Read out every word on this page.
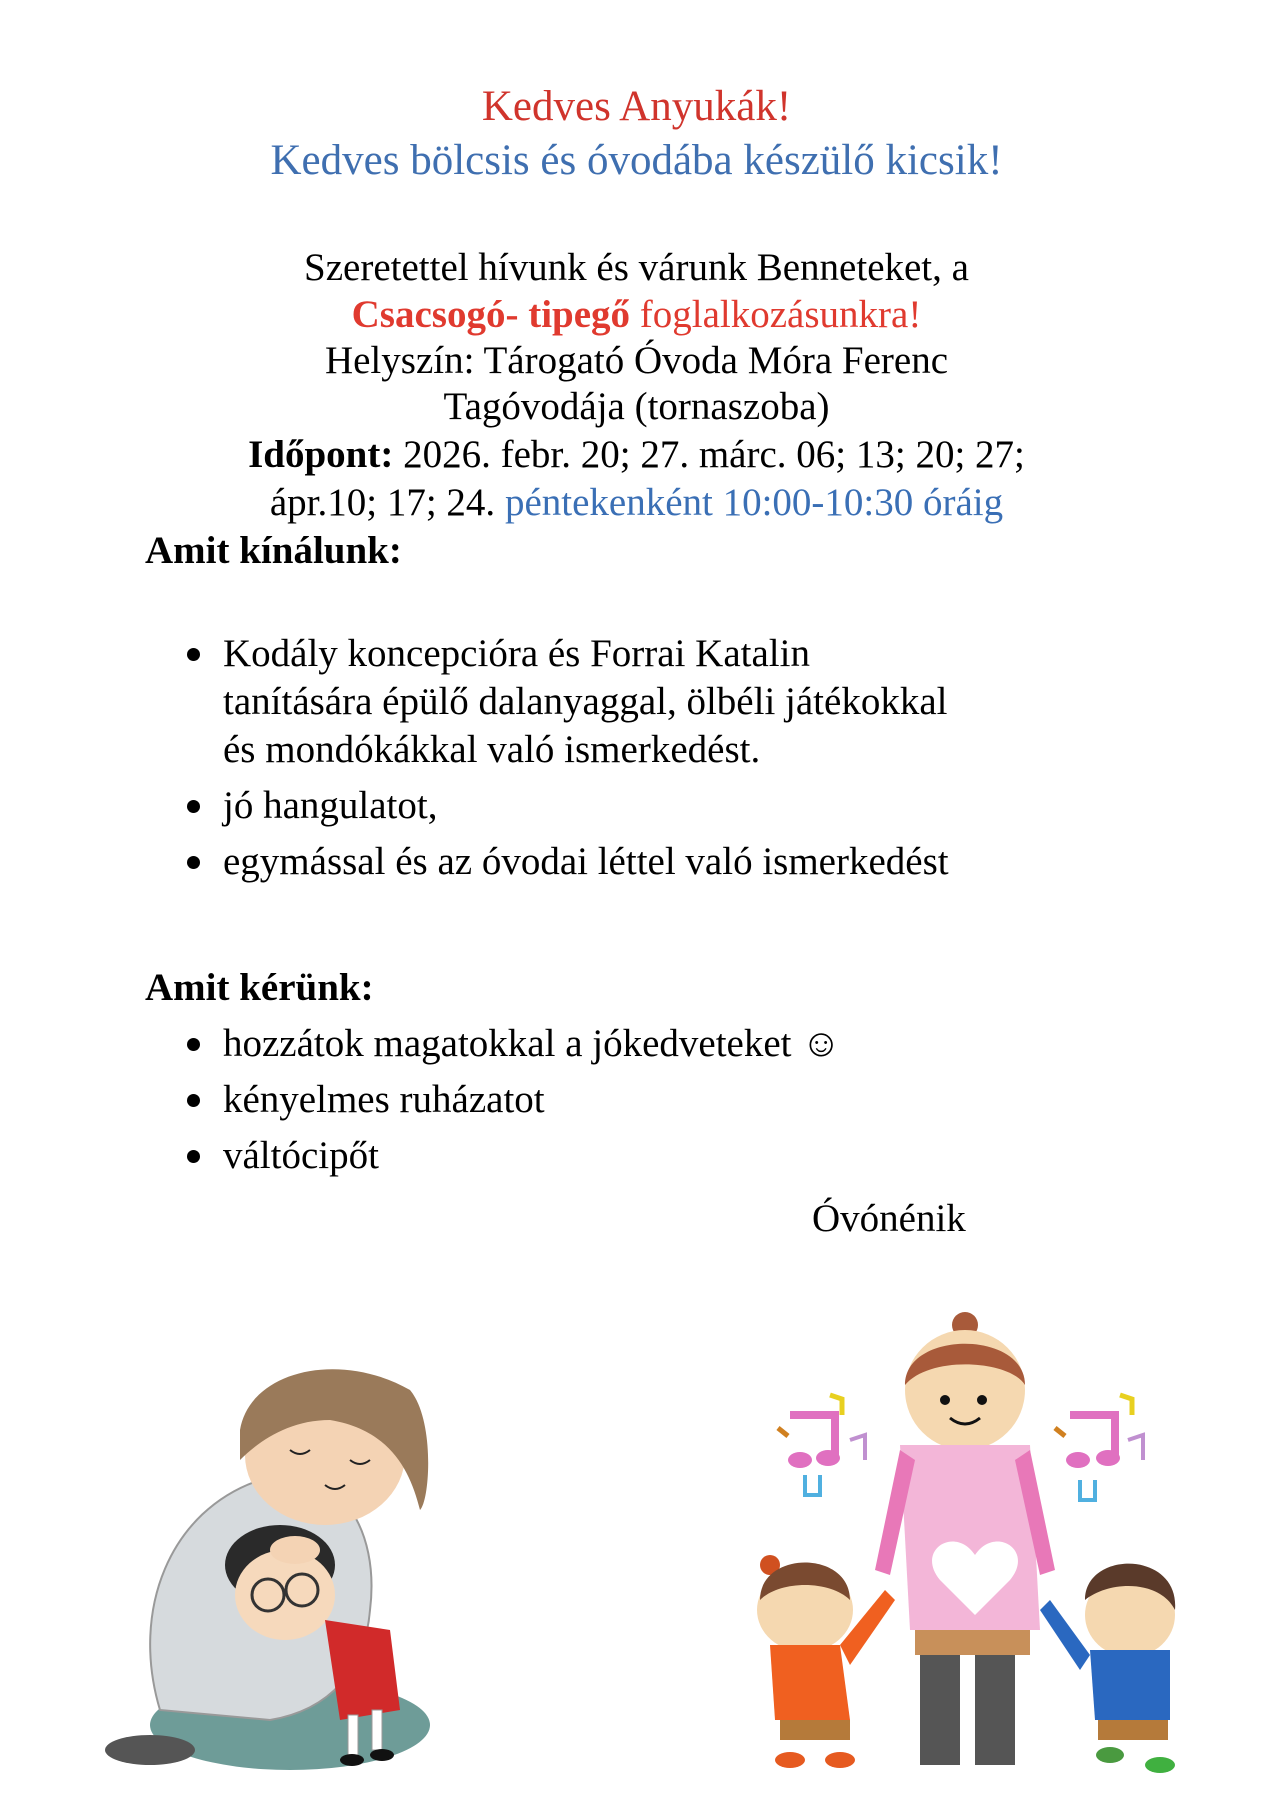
Kedves Anyukák!
Kedves bölcsis és óvodába készülő kicsik!
Szeretettel hívunk és várunk Benneteket, a
Csacsogó- tipegő foglalkozásunkra!
Helyszín: Tárogató Óvoda Móra Ferenc
Tagóvodája (tornaszoba)
Időpont: 2026. febr. 20; 27. márc. 06; 13; 20; 27;
ápr.10; 17; 24. péntekenként 10:00-10:30 óráig
Amit kínálunk:
Kodály koncepcióra és Forrai Katalin
tanítására épülő dalanyaggal, ölbéli játékokkal
és mondókákkal való ismerkedést.
jó hangulatot,
egymással és az óvodai léttel való ismerkedést
Amit kérünk:
hozzátok magatokkal a jókedveteket ☺
kényelmes ruházatot
váltócipőt
Óvónénik
